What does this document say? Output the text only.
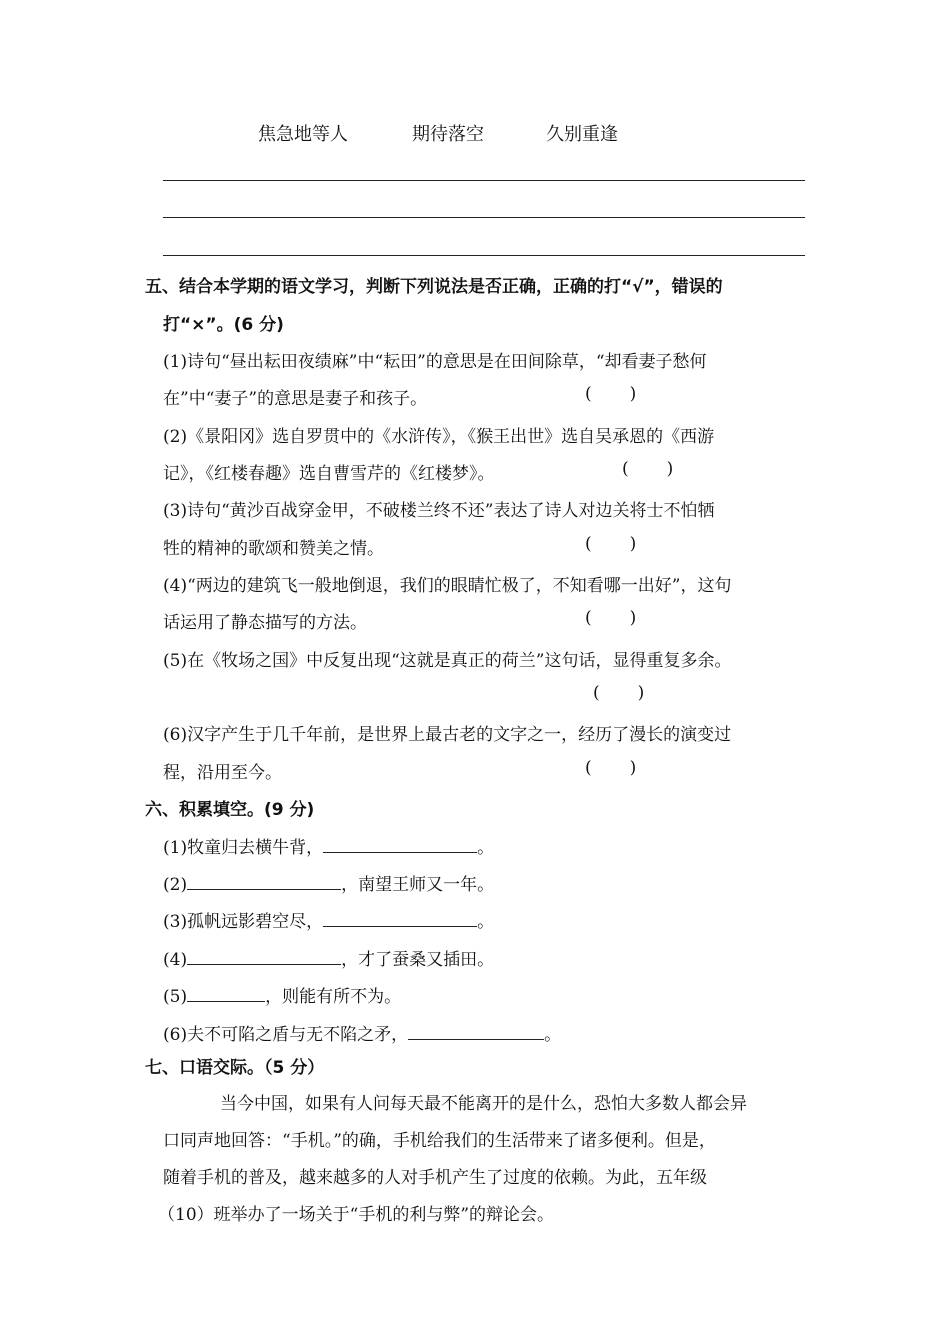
焦急地等人	期待落空	久别重逢
五、结合本学期的语文学习，判断下列说法是否正确，正确的打“√”，错误的
打“×”。(6 分)
(1)诗句“昼出耘田夜绩麻”中“耘田”的意思是在田间除草，“却看妻子愁何
在”中“妻子”的意思是妻子和孩子。	( )
(2)《景阳冈》选自罗贯中的《水浒传》，《猴王出世》选自吴承恩的《西游
记》，《红楼春趣》选自曹雪芹的《红楼梦》。	( )
(3)诗句“黄沙百战穿金甲，不破楼兰终不还”表达了诗人对边关将士不怕牺
牲的精神的歌颂和赞美之情。	( )
(4)“两边的建筑飞一般地倒退，我们的眼睛忙极了，不知看哪一出好”，这句
话运用了静态描写的方法。	( )
(5)在《牧场之国》中反复出现“这就是真正的荷兰”这句话，显得重复多余。
( )
(6)汉字产生于几千年前，是世界上最古老的文字之一，经历了漫长的演变过
程，沿用至今。	( )
六、积累填空。(9 分)
(1)牧童归去横牛背，	。
(2)	，南望王师又一年。
(3)孤帆远影碧空尽，	。
(4)	，才了蚕桑又插田。
(5)	，则能有所不为。
(6)夫不可陷之盾与无不陷之矛，	。
七、口语交际。（5 分）
当今中国，如果有人问每天最不能离开的是什么，恐怕大多数人都会异
口同声地回答：“手机。”的确，手机给我们的生活带来了诸多便利。但是，
随着手机的普及，越来越多的人对手机产生了过度的依赖。为此，五年级
（10）班举办了一场关于“手机的利与弊”的辩论会。
